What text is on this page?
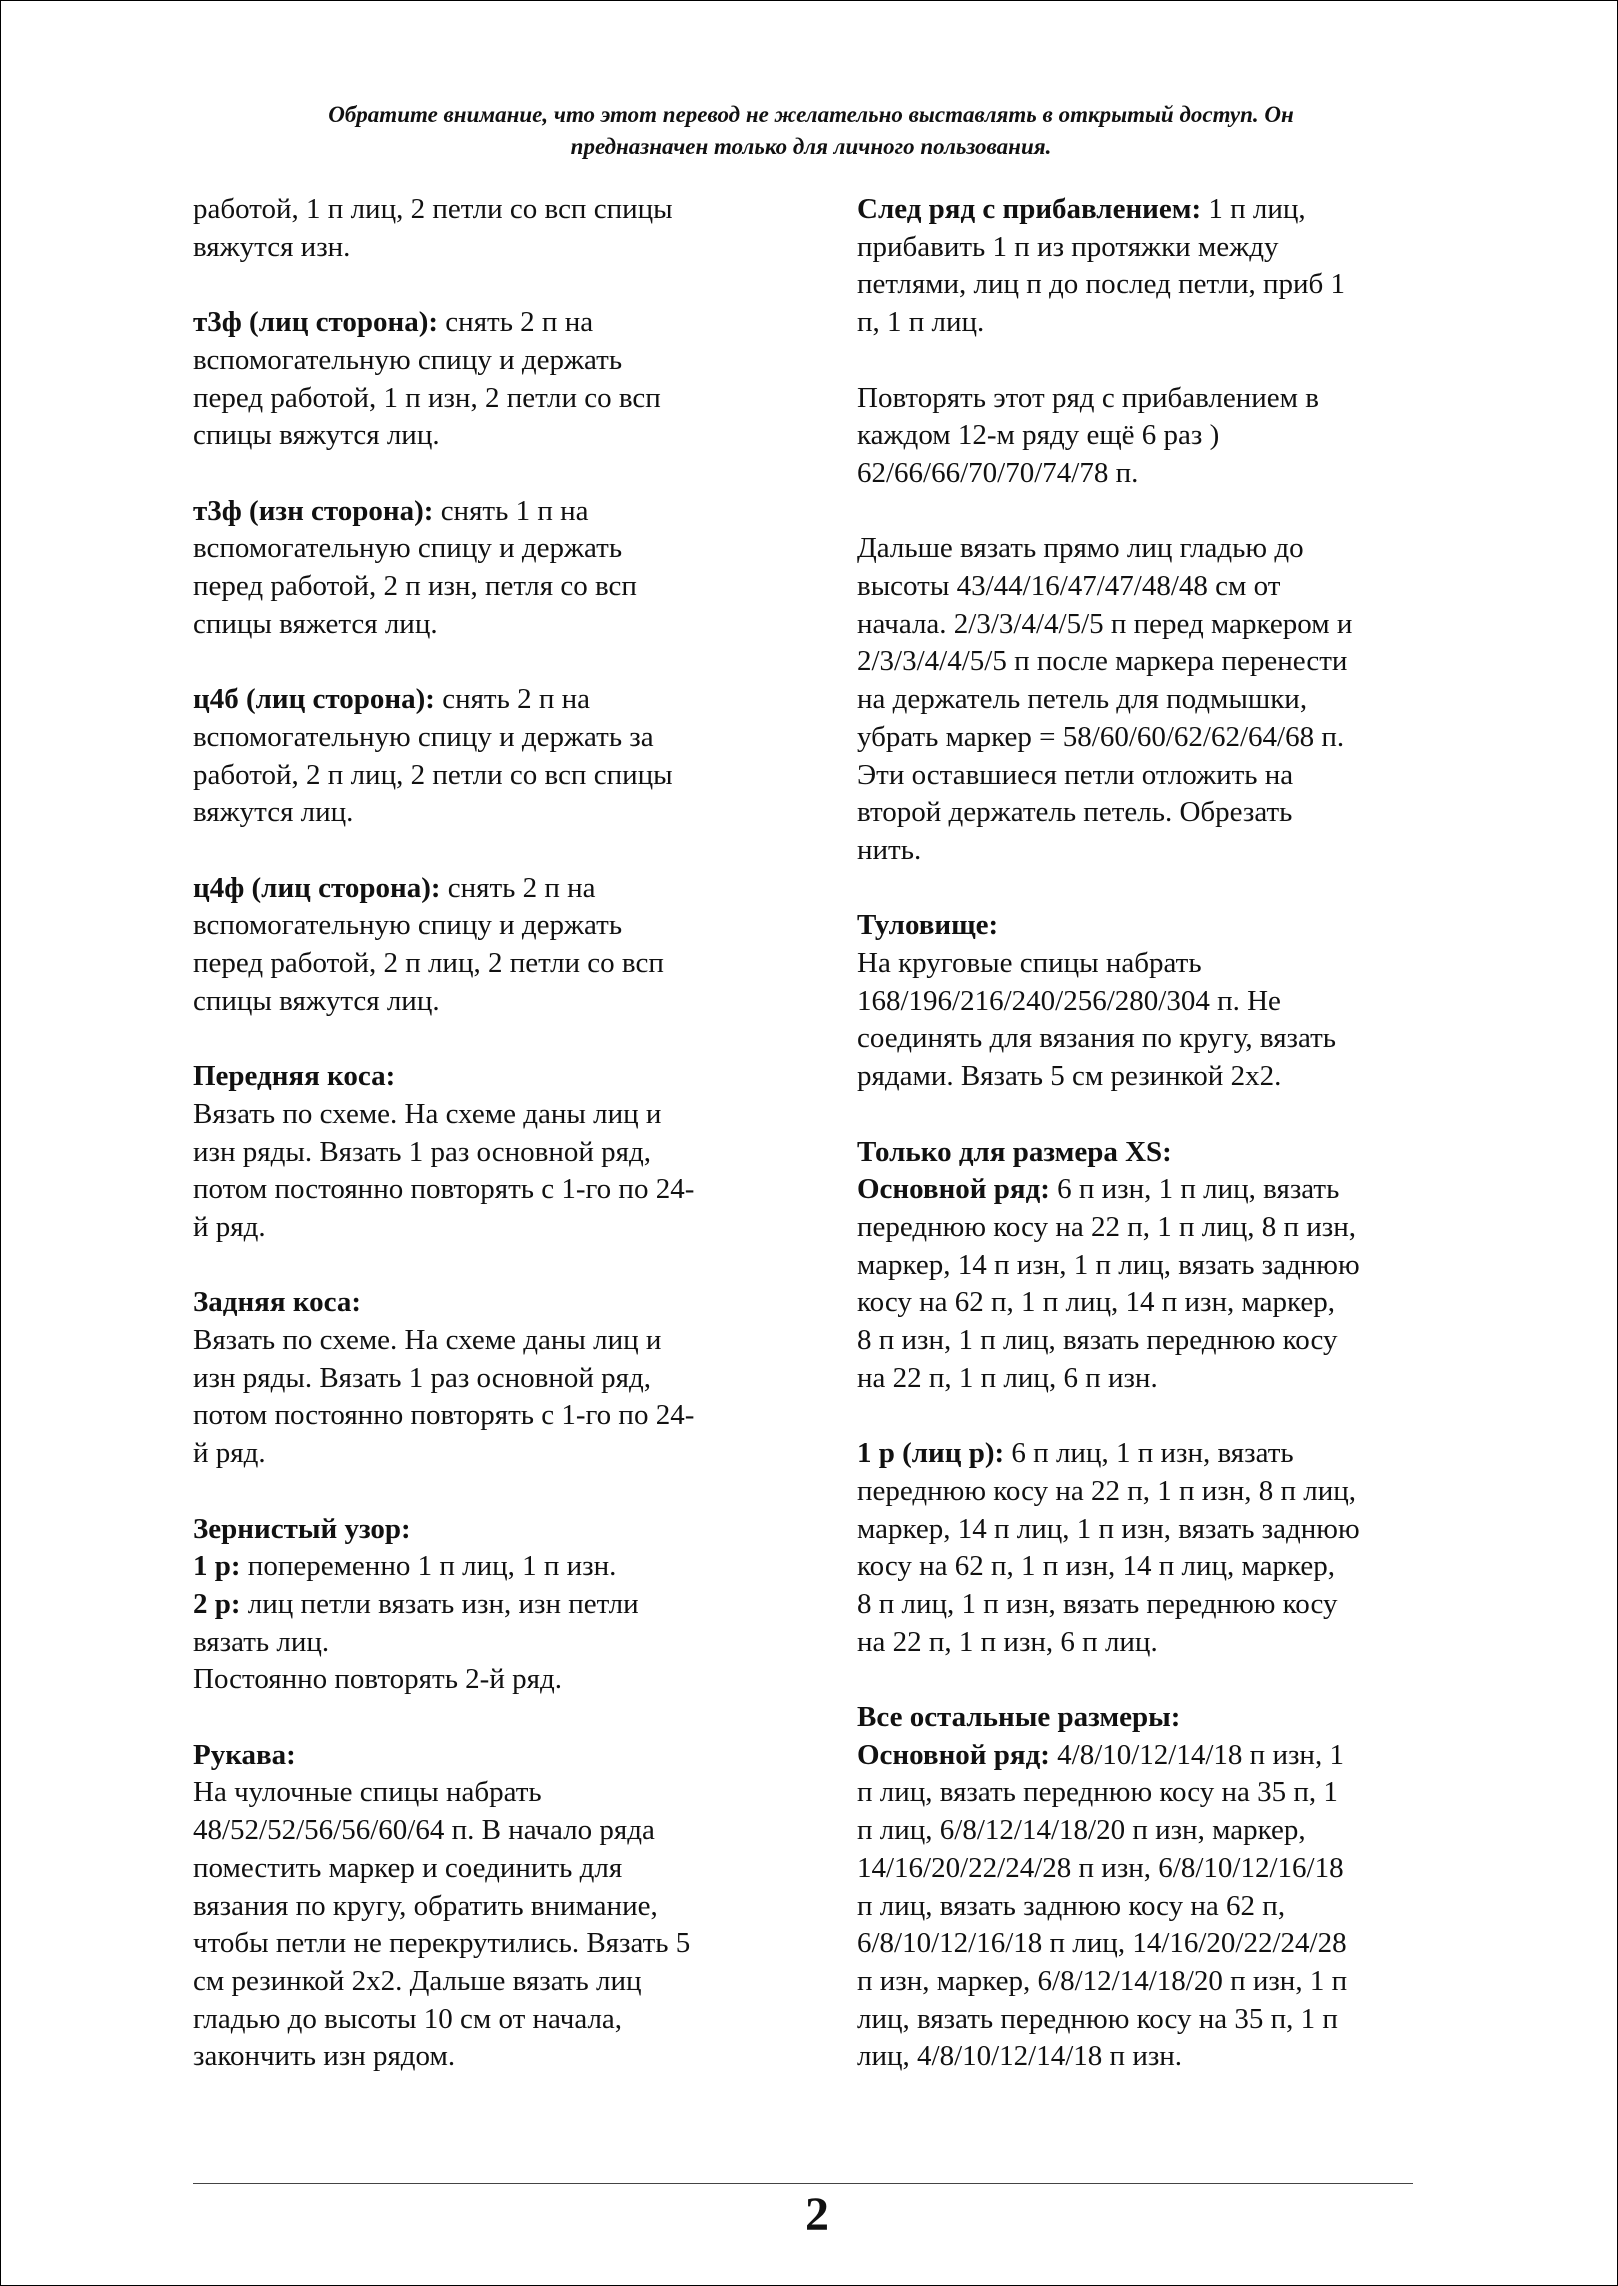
Обратите внимание, что этот перевод не желательно выставлять в открытый доступ. Он
предназначен только для личного пользования.

работой, 1 п лиц, 2 петли со всп спицы
вяжутся изн.

т3ф (лиц сторона): снять 2 п на
вспомогательную спицу и держать
перед работой, 1 п изн, 2 петли со всп
спицы вяжутся лиц.

т3ф (изн сторона): снять 1 п на
вспомогательную спицу и держать
перед работой, 2 п изн, петля со всп
спицы вяжется лиц.

ц4б (лиц сторона): снять 2 п на
вспомогательную спицу и держать за
работой, 2 п лиц, 2 петли со всп спицы
вяжутся лиц.

ц4ф (лиц сторона): снять 2 п на
вспомогательную спицу и держать
перед работой, 2 п лиц, 2 петли со всп
спицы вяжутся лиц.

Передняя коса:
Вязать по схеме. На схеме даны лиц и
изн ряды. Вязать 1 раз основной ряд,
потом постоянно повторять с 1-го по 24-
й ряд.

Задняя коса:
Вязать по схеме. На схеме даны лиц и
изн ряды. Вязать 1 раз основной ряд,
потом постоянно повторять с 1-го по 24-
й ряд.

Зернистый узор:
1 р: попеременно 1 п лиц, 1 п изн.
2 р: лиц петли вязать изн, изн петли
вязать лиц.
Постоянно повторять 2-й ряд.

Рукава:
На чулочные спицы набрать
48/52/52/56/56/60/64 п. В начало ряда
поместить маркер и соединить для
вязания по кругу, обратить внимание,
чтобы петли не перекрутились. Вязать 5
см резинкой 2х2. Дальше вязать лиц
гладью до высоты 10 см от начала,
закончить изн рядом.

След ряд с прибавлением: 1 п лиц,
прибавить 1 п из протяжки между
петлями, лиц п до послед петли, приб 1
п, 1 п лиц.

Повторять этот ряд с прибавлением в
каждом 12-м ряду ещё 6 раз )
62/66/66/70/70/74/78 п.

Дальше вязать прямо лиц гладью до
высоты 43/44/16/47/47/48/48 см от
начала. 2/3/3/4/4/5/5 п перед маркером и
2/3/3/4/4/5/5 п после маркера перенести
на держатель петель для подмышки,
убрать маркер = 58/60/60/62/62/64/68 п.
Эти оставшиеся петли отложить на
второй держатель петель. Обрезать
нить.

Туловище:
На круговые спицы набрать
168/196/216/240/256/280/304 п. Не
соединять для вязания по кругу, вязать
рядами. Вязать 5 см резинкой 2х2.

Только для размера XS:
Основной ряд: 6 п изн, 1 п лиц, вязать
переднюю косу на 22 п, 1 п лиц, 8 п изн,
маркер, 14 п изн, 1 п лиц, вязать заднюю
косу на 62 п, 1 п лиц, 14 п изн, маркер,
8 п изн, 1 п лиц, вязать переднюю косу
на 22 п, 1 п лиц, 6 п изн.

1 р (лиц р): 6 п лиц, 1 п изн, вязать
переднюю косу на 22 п, 1 п изн, 8 п лиц,
маркер, 14 п лиц, 1 п изн, вязать заднюю
косу на 62 п, 1 п изн, 14 п лиц, маркер,
8 п лиц, 1 п изн, вязать переднюю косу
на 22 п, 1 п изн, 6 п лиц.

Все остальные размеры:
Основной ряд: 4/8/10/12/14/18 п изн, 1
п лиц, вязать переднюю косу на 35 п, 1
п лиц, 6/8/12/14/18/20 п изн, маркер,
14/16/20/22/24/28 п изн, 6/8/10/12/16/18
п лиц, вязать заднюю косу на 62 п,
6/8/10/12/16/18 п лиц, 14/16/20/22/24/28
п изн, маркер, 6/8/12/14/18/20 п изн, 1 п
лиц, вязать переднюю косу на 35 п, 1 п
лиц, 4/8/10/12/14/18 п изн.

2
